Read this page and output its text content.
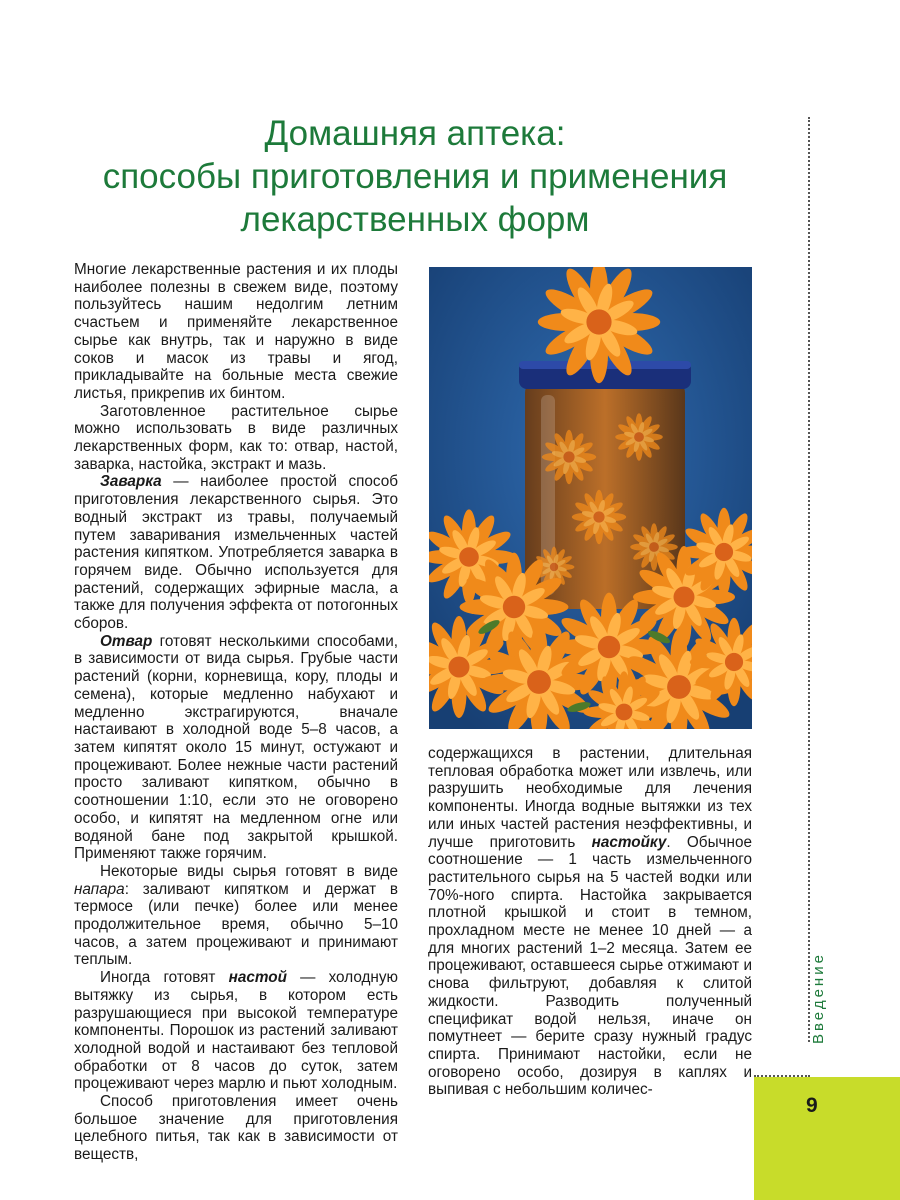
Домашняя аптека:
способы приготовления и применения
лекарственных форм

Многие лекарственные растения и их плоды наиболее полезны в свежем виде, поэтому пользуйтесь нашим недолгим летним счастьем и применяйте лекарственное сырье как внутрь, так и наружно в виде соков и масок из травы и ягод, прикладывайте на больные места свежие листья, прикрепив их бинтом.

Заготовленное растительное сырье можно использовать в виде различных лекарственных форм, как то: отвар, настой, заварка, настойка, экстракт и мазь.

Заварка — наиболее простой способ приготовления лекарственного сырья. Это водный экстракт из травы, получаемый путем заваривания измельченных частей растения кипятком. Употребляется заварка в горячем виде. Обычно используется для растений, содержащих эфирные масла, а также для получения эффекта от потогонных сборов.

Отвар готовят несколькими способами, в зависимости от вида сырья. Грубые части растений (корни, корневища, кору, плоды и семена), которые медленно набухают и медленно экстрагируются, вначале настаивают в холодной воде 5–8 часов, а затем кипятят около 15 минут, остужают и процеживают. Более нежные части растений просто заливают кипятком, обычно в соотношении 1:10, если это не оговорено особо, и кипятят на медленном огне или водяной бане под закрытой крышкой. Применяют также горячим.

Некоторые виды сырья готовят в виде напара: заливают кипятком и держат в термосе (или печке) более или менее продолжительное время, обычно 5–10 часов, а затем процеживают и принимают теплым.

Иногда готовят настой — холодную вытяжку из сырья, в котором есть разрушающиеся при высокой температуре компоненты. Порошок из растений заливают холодной водой и настаивают без тепловой обработки от 8 часов до суток, затем процеживают через марлю и пьют холодным.

Способ приготовления имеет очень большое значение для приготовления целебного питья, так как в зависимости от веществ,

содержащихся в растении, длительная тепловая обработка может или извлечь, или разрушить необходимые для лечения компоненты. Иногда водные вытяжки из тех или иных частей растения неэффективны, и лучше приготовить настойку. Обычное соотношение — 1 часть измельченного растительного сырья на 5 частей водки или 70%-ного спирта. Настойка закрывается плотной крышкой и стоит в темном, прохладном месте не менее 10 дней — а для многих растений 1–2 месяца. Затем ее процеживают, оставшееся сырье отжимают и снова фильтруют, добавляя к слитой жидкости. Разводить полученный спецификат водой нельзя, иначе он помутнеет — берите сразу нужный градус спирта. Принимают настойки, если не оговорено особо, дозируя в каплях и выпивая с небольшим количес-

Введение
9
